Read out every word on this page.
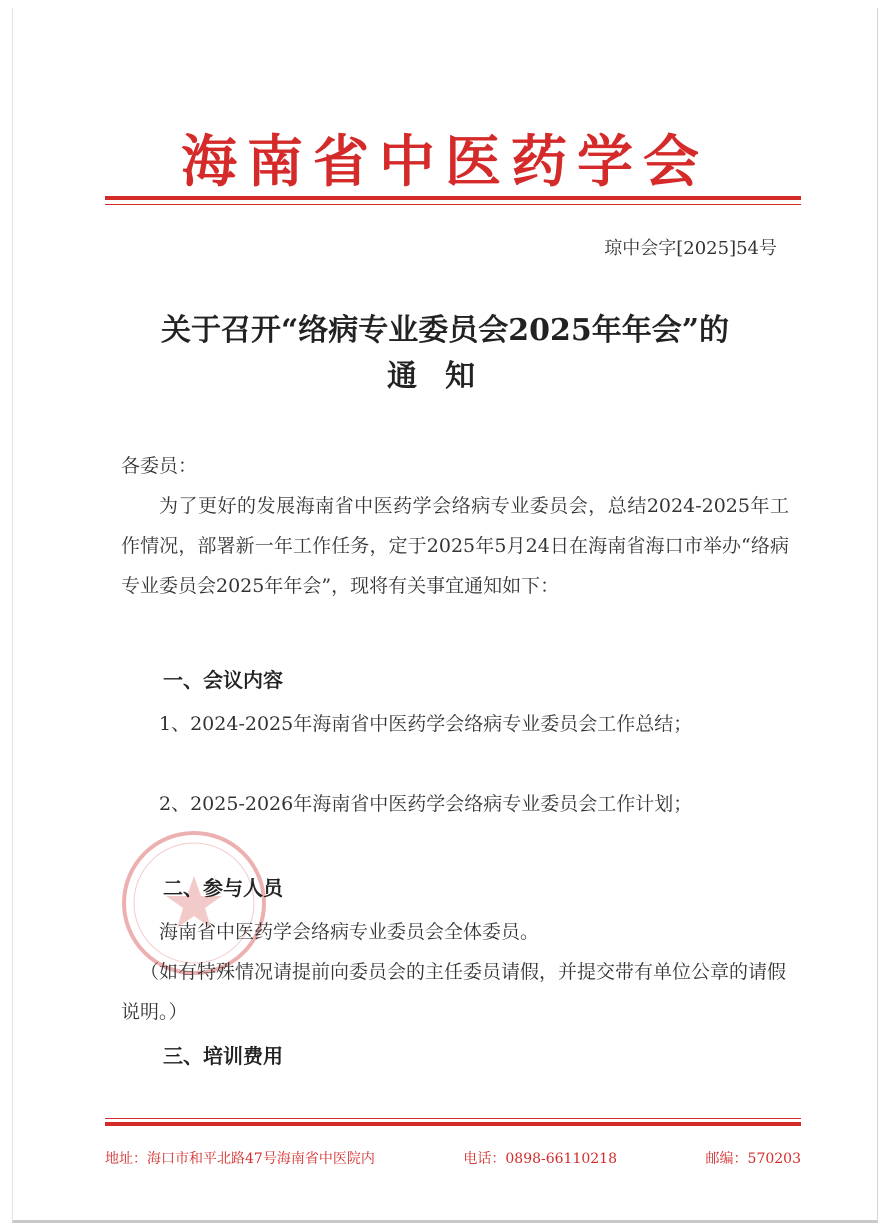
海南省中医药学会
琼中会字[2025]54号
关于召开“络病专业委员会2025年年会”的
通知
各委员：
为了更好的发展海南省中医药学会络病专业委员会，总结2024-2025年工作情况，部署新一年工作任务，定于2025年5月24日在海南省海口市举办“络病专业委员会2025年年会”，现将有关事宜通知如下：
一、会议内容
1、2024-2025年海南省中医药学会络病专业委员会工作总结；
2、2025-2026年海南省中医药学会络病专业委员会工作计划；
二、参与人员
海南省中医药学会络病专业委员会全体委员。
（如有特殊情况请提前向委员会的主任委员请假，并提交带有单位公章的请假说明。）
三、培训费用
地址：海口市和平北路47号海南省中医院内	电话：0898-66110218	邮编：570203
